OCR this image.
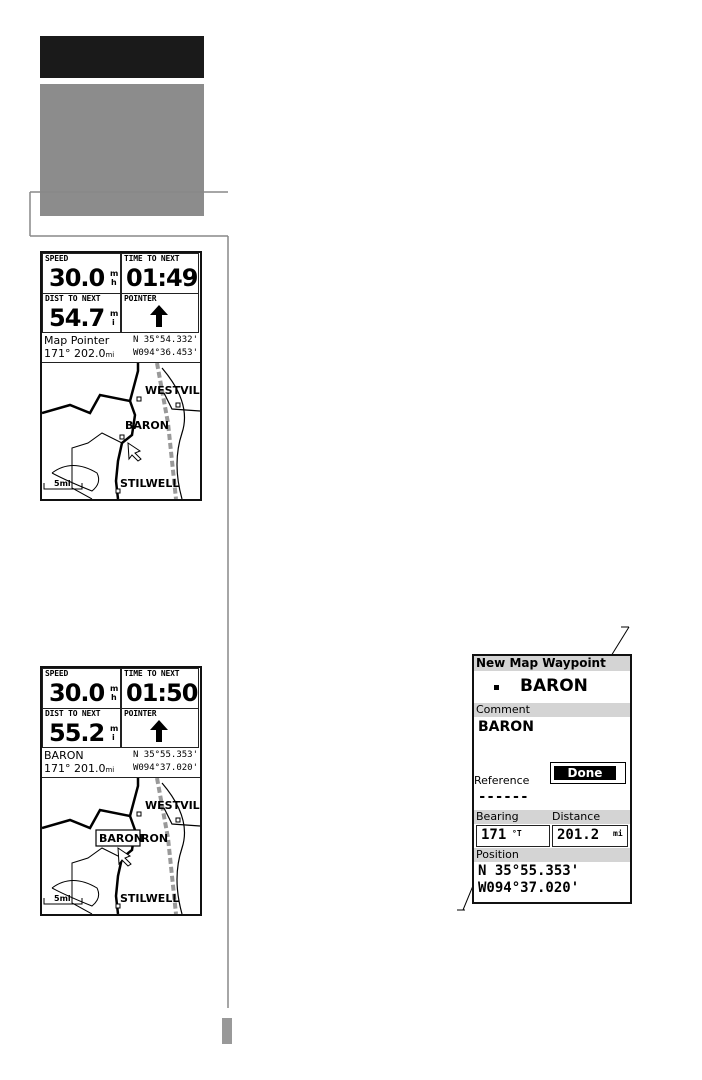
SPEED
30.0 m
h
TIME TO NEXT
01:49
DIST TO NEXT
54.7 m
i
POINTER
Map Pointer
171° 202.0mi
N 35°54.332'
W094°36.453'
WESTVIL
BARON
STILWELL
5mi
SPEED
30.0 m
h
TIME TO NEXT
01:50
DIST TO NEXT
55.2 m
i
POINTER
BARON
171° 201.0mi
N 35°55.353'
W094°37.020'
BARON
RON
WESTVIL
STILWELL
5mi
New Map Waypoint
BARON
Comment
BARON
Reference
Done
------
Bearing	Distance
171 °T	201.2 mi
Position
N 35°55.353'
W094°37.020'
